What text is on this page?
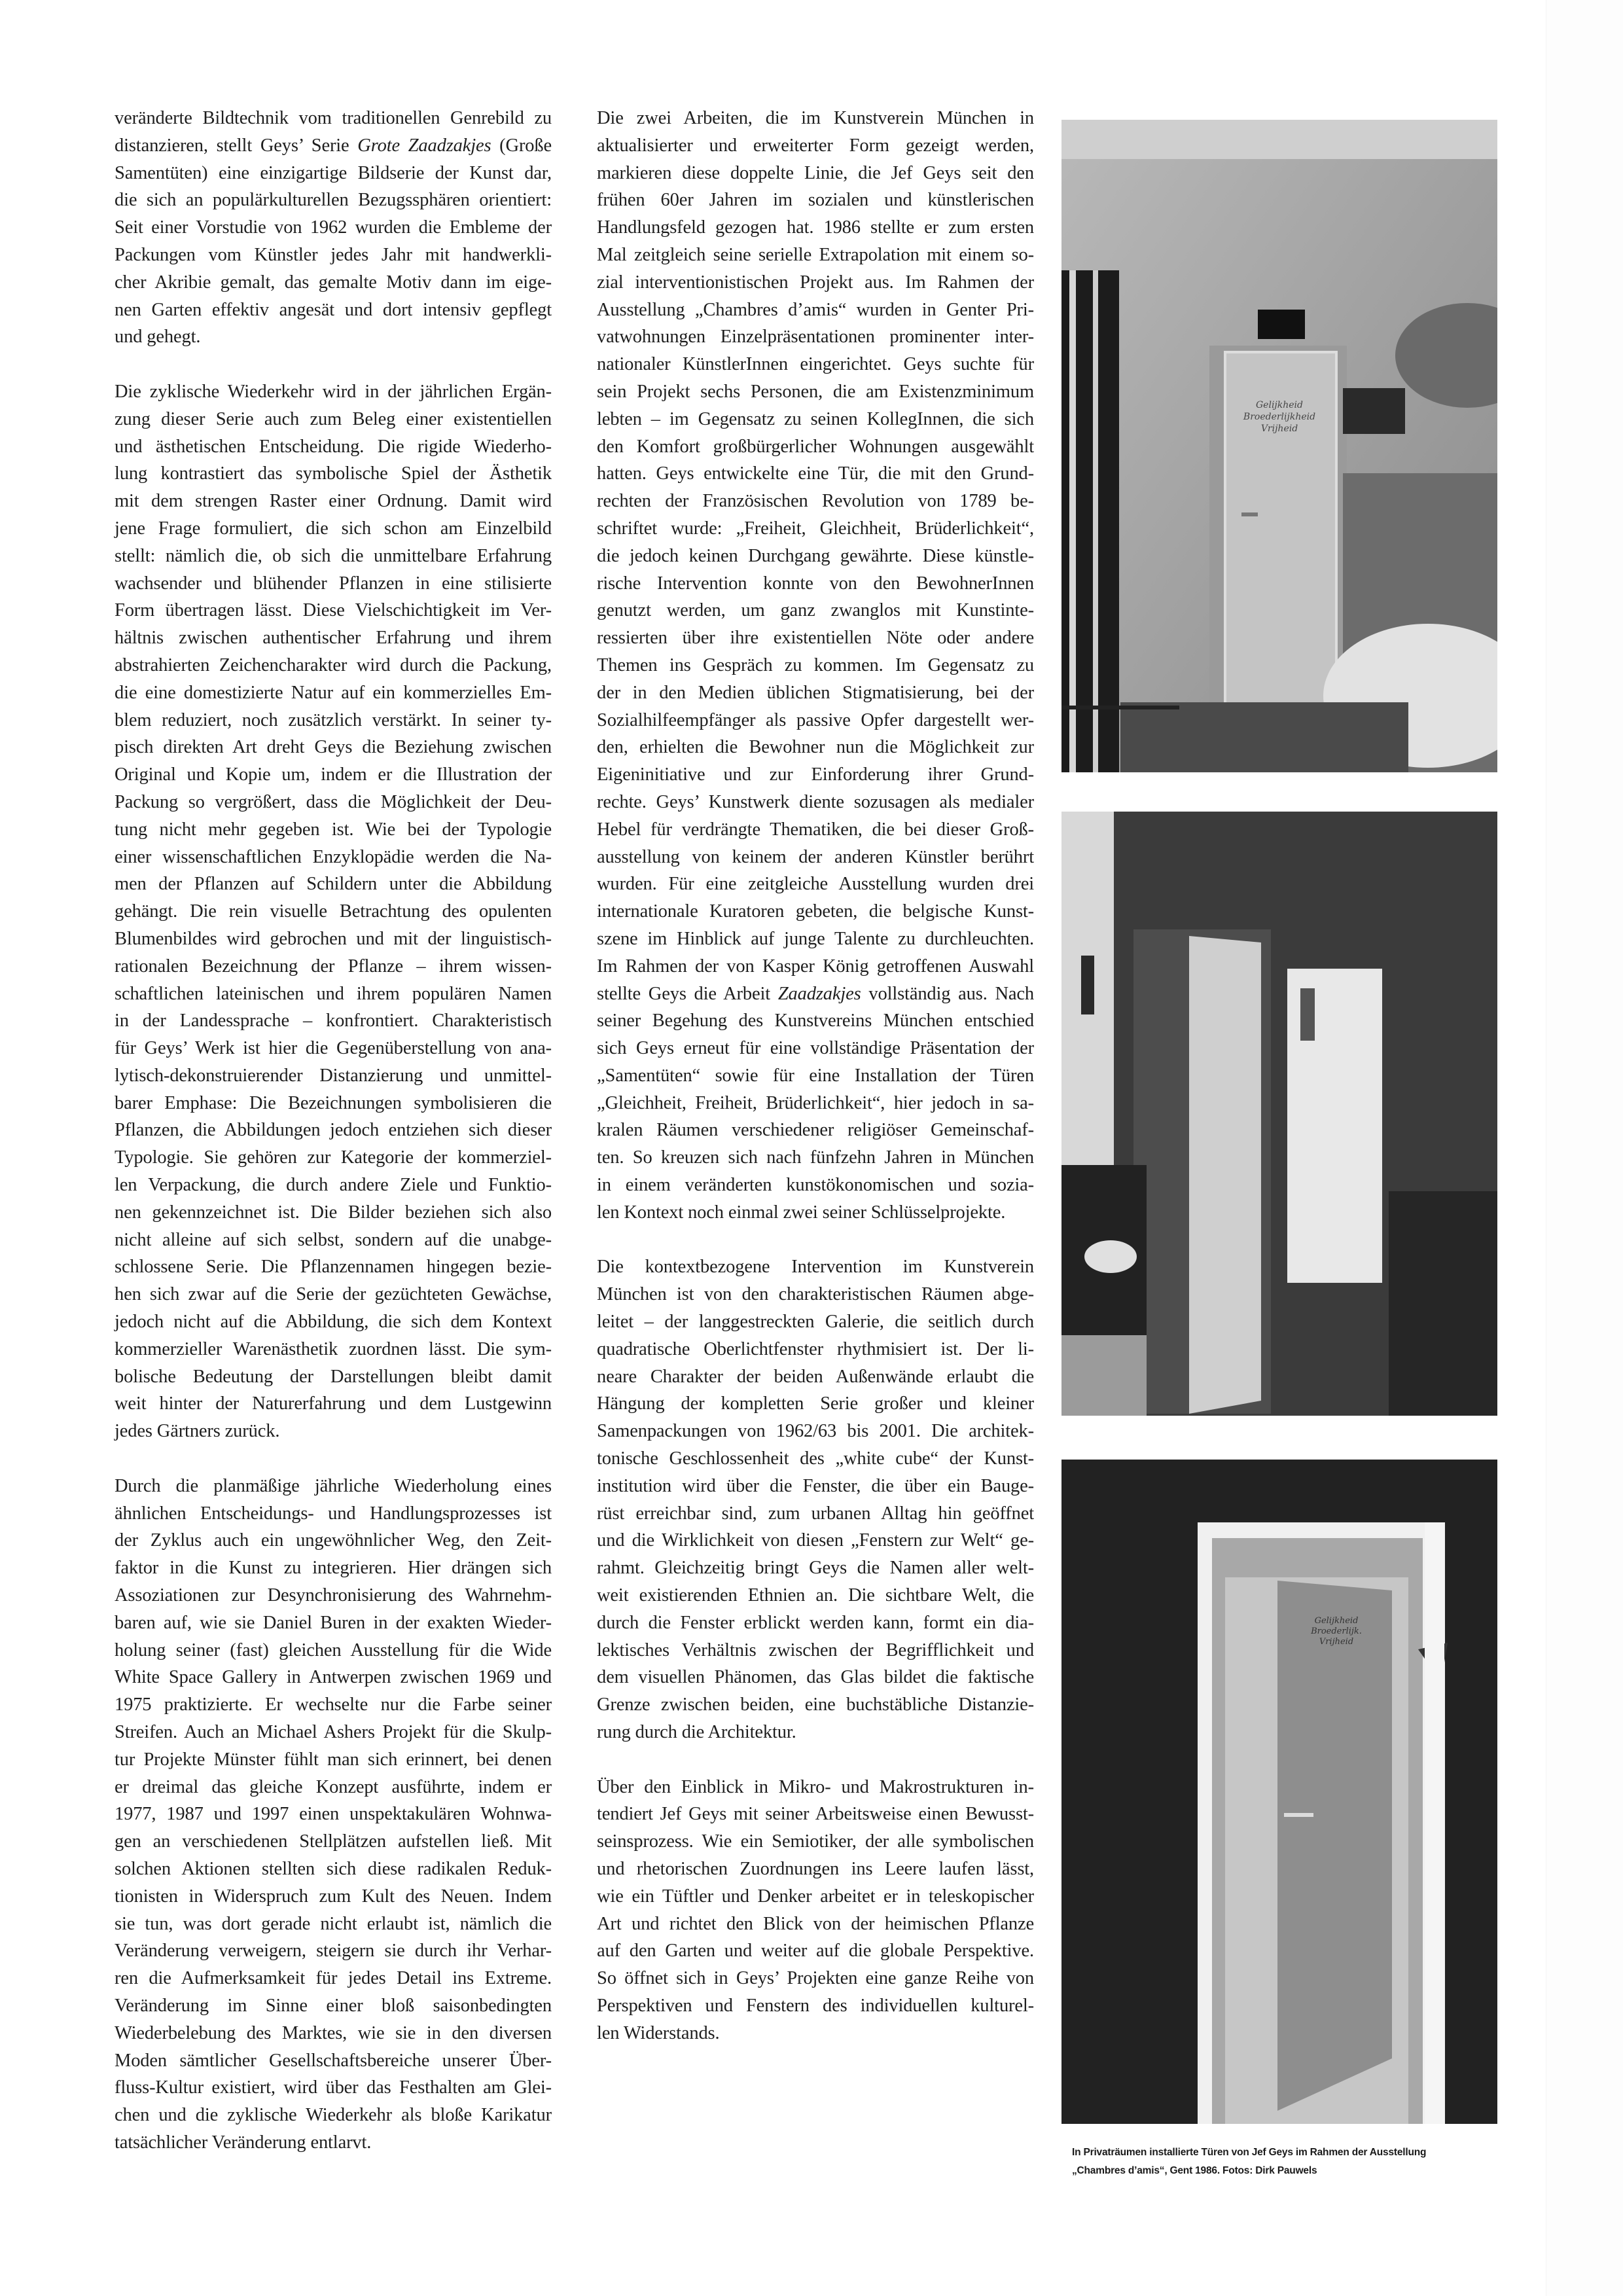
veränderte Bildtechnik vom traditionellen Genrebild zu
distanzieren, stellt Geys’ Serie Grote Zaadzakjes (Große
Samentüten) eine einzigartige Bildserie der Kunst dar,
die sich an populärkulturellen Bezugssphären orientiert:
Seit einer Vorstudie von 1962 wurden die Embleme der
Packungen vom Künstler jedes Jahr mit handwerkli-
cher Akribie gemalt, das gemalte Motiv dann im eige-
nen Garten effektiv angesät und dort intensiv gepflegt
und gehegt.

Die zyklische Wiederkehr wird in der jährlichen Ergän-
zung dieser Serie auch zum Beleg einer existentiellen
und ästhetischen Entscheidung. Die rigide Wiederho-
lung kontrastiert das symbolische Spiel der Ästhetik
mit dem strengen Raster einer Ordnung. Damit wird
jene Frage formuliert, die sich schon am Einzelbild
stellt: nämlich die, ob sich die unmittelbare Erfahrung
wachsender und blühender Pflanzen in eine stilisierte
Form übertragen lässt. Diese Vielschichtigkeit im Ver-
hältnis zwischen authentischer Erfahrung und ihrem
abstrahierten Zeichencharakter wird durch die Packung,
die eine domestizierte Natur auf ein kommerzielles Em-
blem reduziert, noch zusätzlich verstärkt. In seiner ty-
pisch direkten Art dreht Geys die Beziehung zwischen
Original und Kopie um, indem er die Illustration der
Packung so vergrößert, dass die Möglichkeit der Deu-
tung nicht mehr gegeben ist. Wie bei der Typologie
einer wissenschaftlichen Enzyklopädie werden die Na-
men der Pflanzen auf Schildern unter die Abbildung
gehängt. Die rein visuelle Betrachtung des opulenten
Blumenbildes wird gebrochen und mit der linguistisch-
rationalen Bezeichnung der Pflanze – ihrem wissen-
schaftlichen lateinischen und ihrem populären Namen
in der Landessprache – konfrontiert. Charakteristisch
für Geys’ Werk ist hier die Gegenüberstellung von ana-
lytisch-dekonstruierender Distanzierung und unmittel-
barer Emphase: Die Bezeichnungen symbolisieren die
Pflanzen, die Abbildungen jedoch entziehen sich dieser
Typologie. Sie gehören zur Kategorie der kommerziel-
len Verpackung, die durch andere Ziele und Funktio-
nen gekennzeichnet ist. Die Bilder beziehen sich also
nicht alleine auf sich selbst, sondern auf die unabge-
schlossene Serie. Die Pflanzennamen hingegen bezie-
hen sich zwar auf die Serie der gezüchteten Gewächse,
jedoch nicht auf die Abbildung, die sich dem Kontext
kommerzieller Warenästhetik zuordnen lässt. Die sym-
bolische Bedeutung der Darstellungen bleibt damit
weit hinter der Naturerfahrung und dem Lustgewinn
jedes Gärtners zurück.

Durch die planmäßige jährliche Wiederholung eines
ähnlichen Entscheidungs- und Handlungsprozesses ist
der Zyklus auch ein ungewöhnlicher Weg, den Zeit-
faktor in die Kunst zu integrieren. Hier drängen sich
Assoziationen zur Desynchronisierung des Wahrnehm-
baren auf, wie sie Daniel Buren in der exakten Wieder-
holung seiner (fast) gleichen Ausstellung für die Wide
White Space Gallery in Antwerpen zwischen 1969 und
1975 praktizierte. Er wechselte nur die Farbe seiner
Streifen. Auch an Michael Ashers Projekt für die Skulp-
tur Projekte Münster fühlt man sich erinnert, bei denen
er dreimal das gleiche Konzept ausführte, indem er
1977, 1987 und 1997 einen unspektakulären Wohnwa-
gen an verschiedenen Stellplätzen aufstellen ließ. Mit
solchen Aktionen stellten sich diese radikalen Reduk-
tionisten in Widerspruch zum Kult des Neuen. Indem
sie tun, was dort gerade nicht erlaubt ist, nämlich die
Veränderung verweigern, steigern sie durch ihr Verhar-
ren die Aufmerksamkeit für jedes Detail ins Extreme.
Veränderung im Sinne einer bloß saisonbedingten
Wiederbelebung des Marktes, wie sie in den diversen
Moden sämtlicher Gesellschaftsbereiche unserer Über-
fluss-Kultur existiert, wird über das Festhalten am Glei-
chen und die zyklische Wiederkehr als bloße Karikatur
tatsächlicher Veränderung entlarvt.

Die zwei Arbeiten, die im Kunstverein München in
aktualisierter und erweiterter Form gezeigt werden,
markieren diese doppelte Linie, die Jef Geys seit den
frühen 60er Jahren im sozialen und künstlerischen
Handlungsfeld gezogen hat. 1986 stellte er zum ersten
Mal zeitgleich seine serielle Extrapolation mit einem so-
zial interventionistischen Projekt aus. Im Rahmen der
Ausstellung „Chambres d’amis“ wurden in Genter Pri-
vatwohnungen Einzelpräsentationen prominenter inter-
nationaler KünstlerInnen eingerichtet. Geys suchte für
sein Projekt sechs Personen, die am Existenzminimum
lebten – im Gegensatz zu seinen KollegInnen, die sich
den Komfort großbürgerlicher Wohnungen ausgewählt
hatten. Geys entwickelte eine Tür, die mit den Grund-
rechten der Französischen Revolution von 1789 be-
schriftet wurde: „Freiheit, Gleichheit, Brüderlichkeit“,
die jedoch keinen Durchgang gewährte. Diese künstle-
rische Intervention konnte von den BewohnerInnen
genutzt werden, um ganz zwanglos mit Kunstinte-
ressierten über ihre existentiellen Nöte oder andere
Themen ins Gespräch zu kommen. Im Gegensatz zu
der in den Medien üblichen Stigmatisierung, bei der
Sozialhilfeempfänger als passive Opfer dargestellt wer-
den, erhielten die Bewohner nun die Möglichkeit zur
Eigeninitiative und zur Einforderung ihrer Grund-
rechte. Geys’ Kunstwerk diente sozusagen als medialer
Hebel für verdrängte Thematiken, die bei dieser Groß-
ausstellung von keinem der anderen Künstler berührt
wurden. Für eine zeitgleiche Ausstellung wurden drei
internationale Kuratoren gebeten, die belgische Kunst-
szene im Hinblick auf junge Talente zu durchleuchten.
Im Rahmen der von Kasper König getroffenen Auswahl
stellte Geys die Arbeit Zaadzakjes vollständig aus. Nach
seiner Begehung des Kunstvereins München entschied
sich Geys erneut für eine vollständige Präsentation der
„Samentüten“ sowie für eine Installation der Türen
„Gleichheit, Freiheit, Brüderlichkeit“, hier jedoch in sa-
kralen Räumen verschiedener religiöser Gemeinschaf-
ten. So kreuzen sich nach fünfzehn Jahren in München
in einem veränderten kunstökonomischen und sozia-
len Kontext noch einmal zwei seiner Schlüsselprojekte.

Die kontextbezogene Intervention im Kunstverein
München ist von den charakteristischen Räumen abge-
leitet – der langgestreckten Galerie, die seitlich durch
quadratische Oberlichtfenster rhythmisiert ist. Der li-
neare Charakter der beiden Außenwände erlaubt die
Hängung der kompletten Serie großer und kleiner
Samenpackungen von 1962/63 bis 2001. Die architek-
tonische Geschlossenheit des „white cube“ der Kunst-
institution wird über die Fenster, die über ein Bauge-
rüst erreichbar sind, zum urbanen Alltag hin geöffnet
und die Wirklichkeit von diesen „Fenstern zur Welt“ ge-
rahmt. Gleichzeitig bringt Geys die Namen aller welt-
weit existierenden Ethnien an. Die sichtbare Welt, die
durch die Fenster erblickt werden kann, formt ein dia-
lektisches Verhältnis zwischen der Begrifflichkeit und
dem visuellen Phänomen, das Glas bildet die faktische
Grenze zwischen beiden, eine buchstäbliche Distanzie-
rung durch die Architektur.

Über den Einblick in Mikro- und Makrostrukturen in-
tendiert Jef Geys mit seiner Arbeitsweise einen Bewusst-
seinsprozess. Wie ein Semiotiker, der alle symbolischen
und rhetorischen Zuordnungen ins Leere laufen lässt,
wie ein Tüftler und Denker arbeitet er in teleskopischer
Art und richtet den Blick von der heimischen Pflanze
auf den Garten und weiter auf die globale Perspektive.
So öffnet sich in Geys’ Projekten eine ganze Reihe von
Perspektiven und Fenstern des individuellen kulturel-
len Widerstands.

Gelijkheid
Broederlijkheid
Vrijheid
Gelijkheid
Broederlijk.
Vrijheid
In Privaträumen installierte Türen von Jef Geys im Rahmen der Ausstellung
„Chambres d’amis“, Gent 1986. Fotos: Dirk Pauwels
